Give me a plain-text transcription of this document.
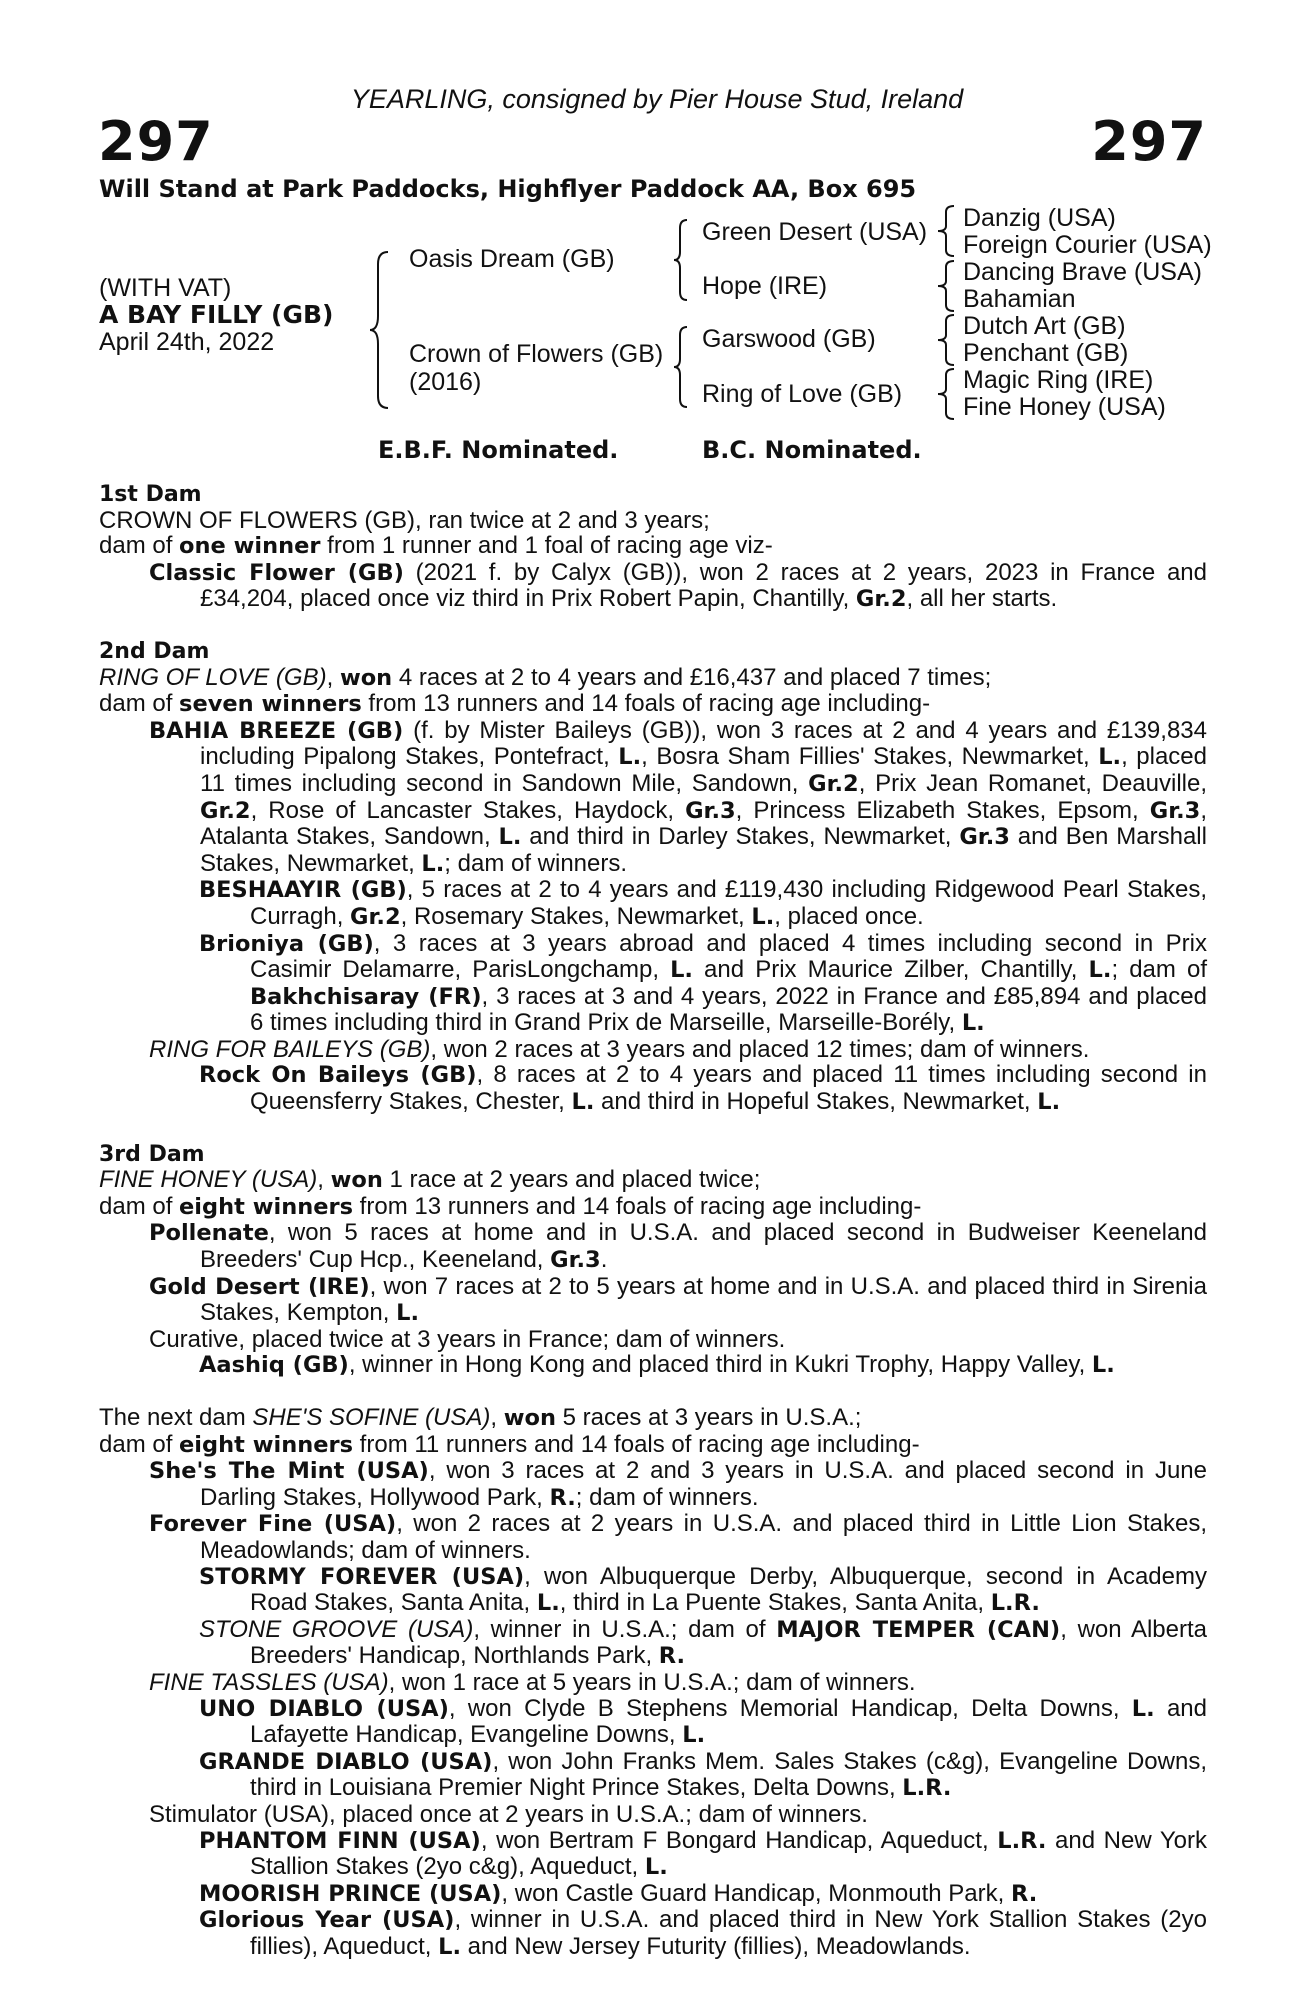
YEARLING, consigned by Pier House Stud, Ireland
297	297
Will Stand at Park Paddocks, Highflyer Paddock AA, Box 695
(WITH VAT)
A BAY FILLY (GB)
April 24th, 2022
Oasis Dream (GB)
Crown of Flowers (GB)
(2016)
Green Desert (USA)
Hope (IRE)
Garswood (GB)
Ring of Love (GB)
Danzig (USA)
Foreign Courier (USA)
Dancing Brave (USA)
Bahamian
Dutch Art (GB)
Penchant (GB)
Magic Ring (IRE)
Fine Honey (USA)
E.B.F. Nominated.	B.C. Nominated.

1st Dam

CROWN OF FLOWERS (GB), ran twice at 2 and 3 years;

dam of one winner from 1 runner and 1 foal of racing age viz-

Classic Flower (GB) (2021 f. by Calyx (GB)), won 2 races at 2 years, 2023 in France and £34,204, placed once viz third in Prix Robert Papin, Chantilly, Gr.2, all her starts.

2nd Dam

RING OF LOVE (GB), won 4 races at 2 to 4 years and £16,437 and placed 7 times;

dam of seven winners from 13 runners and 14 foals of racing age including-

BAHIA BREEZE (GB) (f. by Mister Baileys (GB)), won 3 races at 2 and 4 years and £139,834 including Pipalong Stakes, Pontefract, L., Bosra Sham Fillies' Stakes, Newmarket, L., placed 11 times including second in Sandown Mile, Sandown, Gr.2, Prix Jean Romanet, Deauville, Gr.2, Rose of Lancaster Stakes, Haydock, Gr.3, Princess Elizabeth Stakes, Epsom, Gr.3, Atalanta Stakes, Sandown, L. and third in Darley Stakes, Newmarket, Gr.3 and Ben Marshall Stakes, Newmarket, L.; dam of winners.

BESHAAYIR (GB), 5 races at 2 to 4 years and £119,430 including Ridgewood Pearl Stakes, Curragh, Gr.2, Rosemary Stakes, Newmarket, L., placed once.

Brioniya (GB), 3 races at 3 years abroad and placed 4 times including second in Prix Casimir Delamarre, ParisLongchamp, L. and Prix Maurice Zilber, Chantilly, L.; dam of Bakhchisaray (FR), 3 races at 3 and 4 years, 2022 in France and £85,894 and placed 6 times including third in Grand Prix de Marseille, Marseille-Borély, L.

RING FOR BAILEYS (GB), won 2 races at 3 years and placed 12 times; dam of winners.

Rock On Baileys (GB), 8 races at 2 to 4 years and placed 11 times including second in Queensferry Stakes, Chester, L. and third in Hopeful Stakes, Newmarket, L.

3rd Dam

FINE HONEY (USA), won 1 race at 2 years and placed twice;

dam of eight winners from 13 runners and 14 foals of racing age including-

Pollenate, won 5 races at home and in U.S.A. and placed second in Budweiser Keeneland Breeders' Cup Hcp., Keeneland, Gr.3.

Gold Desert (IRE), won 7 races at 2 to 5 years at home and in U.S.A. and placed third in Sirenia Stakes, Kempton, L.

Curative, placed twice at 3 years in France; dam of winners.

Aashiq (GB), winner in Hong Kong and placed third in Kukri Trophy, Happy Valley, L.

The next dam SHE'S SOFINE (USA), won 5 races at 3 years in U.S.A.;

dam of eight winners from 11 runners and 14 foals of racing age including-

She's The Mint (USA), won 3 races at 2 and 3 years in U.S.A. and placed second in June Darling Stakes, Hollywood Park, R.; dam of winners.

Forever Fine (USA), won 2 races at 2 years in U.S.A. and placed third in Little Lion Stakes, Meadowlands; dam of winners.

STORMY FOREVER (USA), won Albuquerque Derby, Albuquerque, second in Academy Road Stakes, Santa Anita, L., third in La Puente Stakes, Santa Anita, L.R.

STONE GROOVE (USA), winner in U.S.A.; dam of MAJOR TEMPER (CAN), won Alberta Breeders' Handicap, Northlands Park, R.

FINE TASSLES (USA), won 1 race at 5 years in U.S.A.; dam of winners.

UNO DIABLO (USA), won Clyde B Stephens Memorial Handicap, Delta Downs, L. and Lafayette Handicap, Evangeline Downs, L.

GRANDE DIABLO (USA), won John Franks Mem. Sales Stakes (c&g), Evangeline Downs, third in Louisiana Premier Night Prince Stakes, Delta Downs, L.R.

Stimulator (USA), placed once at 2 years in U.S.A.; dam of winners.

PHANTOM FINN (USA), won Bertram F Bongard Handicap, Aqueduct, L.R. and New York Stallion Stakes (2yo c&g), Aqueduct, L.

MOORISH PRINCE (USA), won Castle Guard Handicap, Monmouth Park, R.

Glorious Year (USA), winner in U.S.A. and placed third in New York Stallion Stakes (2yo fillies), Aqueduct, L. and New Jersey Futurity (fillies), Meadowlands.
